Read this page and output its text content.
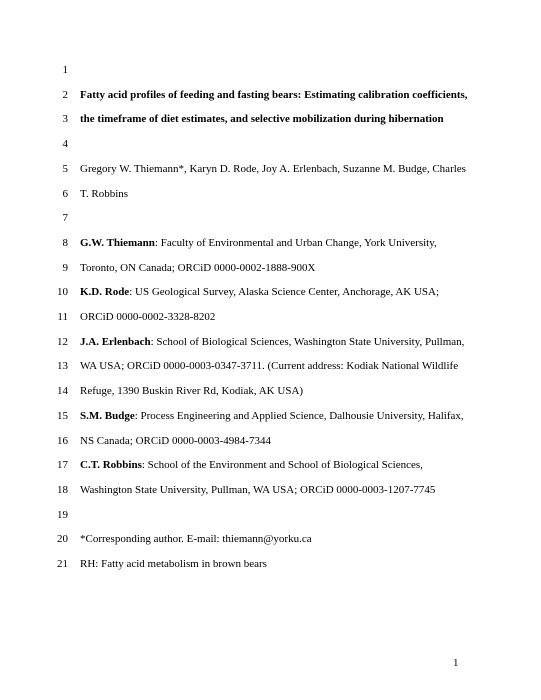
1
2 Fatty acid profiles of feeding and fasting bears: Estimating calibration coefficients,
3 the timeframe of diet estimates, and selective mobilization during hibernation
4
5 Gregory W. Thiemann*, Karyn D. Rode, Joy A. Erlenbach, Suzanne M. Budge, Charles
6 T. Robbins
7
8 G.W. Thiemann: Faculty of Environmental and Urban Change, York University,
9 Toronto, ON Canada; ORCiD 0000-0002-1888-900X
10 K.D. Rode: US Geological Survey, Alaska Science Center, Anchorage, AK USA;
11 ORCiD 0000-0002-3328-8202
12 J.A. Erlenbach: School of Biological Sciences, Washington State University, Pullman,
13 WA USA; ORCiD 0000-0003-0347-3711. (Current address: Kodiak National Wildlife
14 Refuge, 1390 Buskin River Rd, Kodiak, AK USA)
15 S.M. Budge: Process Engineering and Applied Science, Dalhousie University, Halifax,
16 NS Canada; ORCiD 0000-0003-4984-7344
17 C.T. Robbins: School of the Environment and School of Biological Sciences,
18 Washington State University, Pullman, WA USA; ORCiD 0000-0003-1207-7745
19
20 *Corresponding author. E-mail: thiemann@yorku.ca
21 RH: Fatty acid metabolism in brown bears
1
